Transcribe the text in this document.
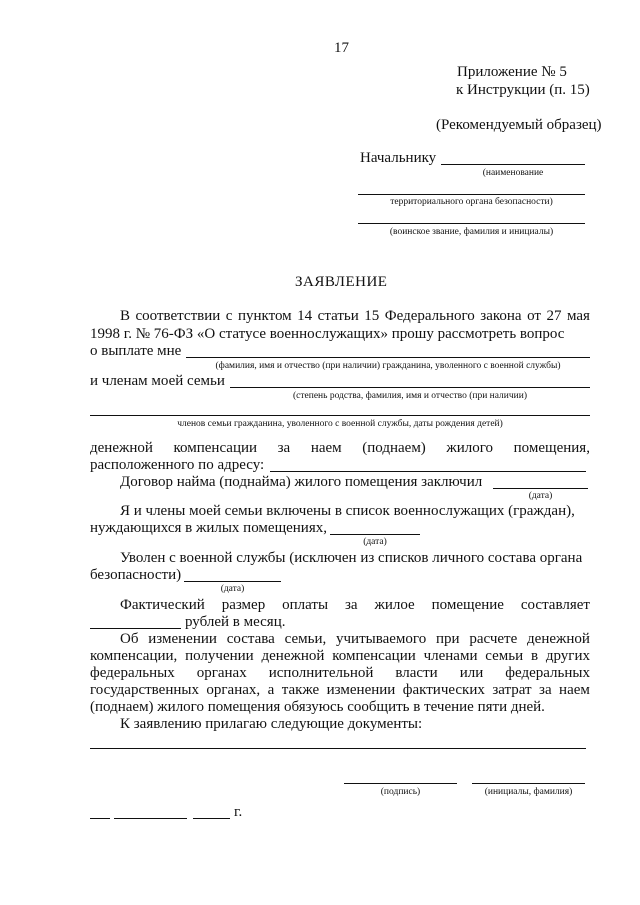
17
Приложение № 5
к Инструкции (п. 15)
(Рекомендуемый образец)
Начальнику
(наименование
территориального органа безопасности)
(воинское звание, фамилия и инициалы)
ЗАЯВЛЕНИЕ
В соответствии с пунктом 14 статьи 15 Федерального закона от 27 мая
1998 г. № 76-ФЗ «О статусе военнослужащих» прошу рассмотреть вопрос
о выплате мне
(фамилия, имя и отчество (при наличии) гражданина, уволенного с военной службы)
и членам моей семьи
(степень родства, фамилия, имя и отчество (при наличии)
членов семьи гражданина, уволенного с военной службы, даты рождения детей)
денежной компенсации за наем (поднаем) жилого помещения,
расположенного по адресу:
Договор найма (поднайма) жилого помещения заключил
(дата)
Я и члены моей семьи включены в список военнослужащих (граждан),
нуждающихся в жилых помещениях,
(дата)
Уволен с военной службы (исключен из списков личного состава органа
безопасности)
(дата)
Фактический размер оплаты за жилое помещение составляет
рублей в месяц.
Об изменении состава семьи, учитываемого при расчете денежной
компенсации, получении денежной компенсации членами семьи в других
федеральных органах исполнительной власти или федеральных
государственных органах, а также изменении фактических затрат за наем
(поднаем) жилого помещения обязуюсь сообщить в течение пяти дней.
К заявлению прилагаю следующие документы:
(подпись)	(инициалы, фамилия)
г.
